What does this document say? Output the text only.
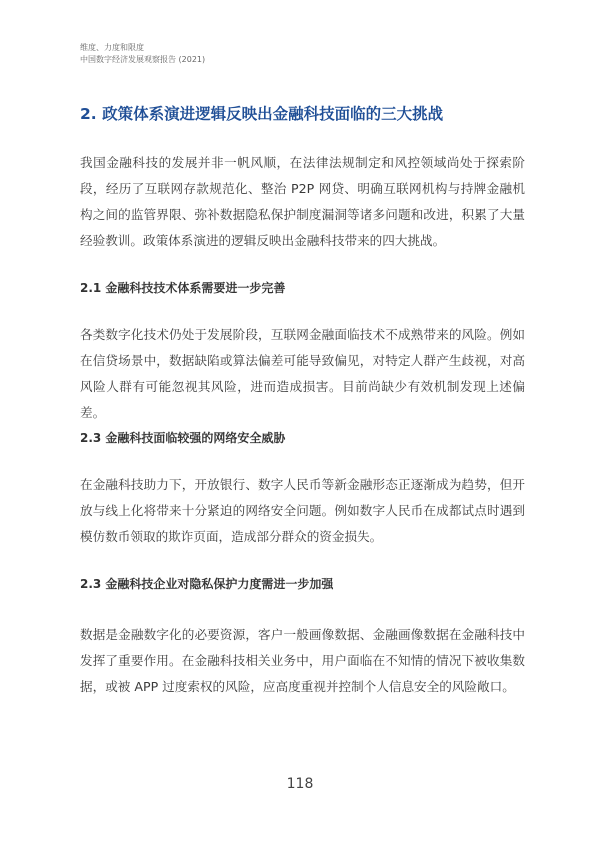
维度、力度和限度
中国数字经济发展观察报告 (2021)
2. 政策体系演进逻辑反映出金融科技面临的三大挑战

我国金融科技的发展并非一帆风顺，在法律法规制定和风控领域尚处于探索阶段，经历了互联网存款规范化、整治 P2P 网贷、明确互联网机构与持牌金融机构之间的监管界限、弥补数据隐私保护制度漏洞等诸多问题和改进，积累了大量经验教训。政策体系演进的逻辑反映出金融科技带来的四大挑战。

2.1 金融科技技术体系需要进一步完善

各类数字化技术仍处于发展阶段，互联网金融面临技术不成熟带来的风险。例如在信贷场景中，数据缺陷或算法偏差可能导致偏见，对特定人群产生歧视，对高风险人群有可能忽视其风险，进而造成损害。目前尚缺少有效机制发现上述偏差。

2.3 金融科技面临较强的网络安全威胁

在金融科技助力下，开放银行、数字人民币等新金融形态正逐渐成为趋势，但开放与线上化将带来十分紧迫的网络安全问题。例如数字人民币在成都试点时遇到模仿数币领取的欺诈页面，造成部分群众的资金损失。

2.3 金融科技企业对隐私保护力度需进一步加强

数据是金融数字化的必要资源，客户一般画像数据、金融画像数据在金融科技中发挥了重要作用。在金融科技相关业务中，用户面临在不知情的情况下被收集数据，或被 APP 过度索权的风险，应高度重视并控制个人信息安全的风险敞口。

118
